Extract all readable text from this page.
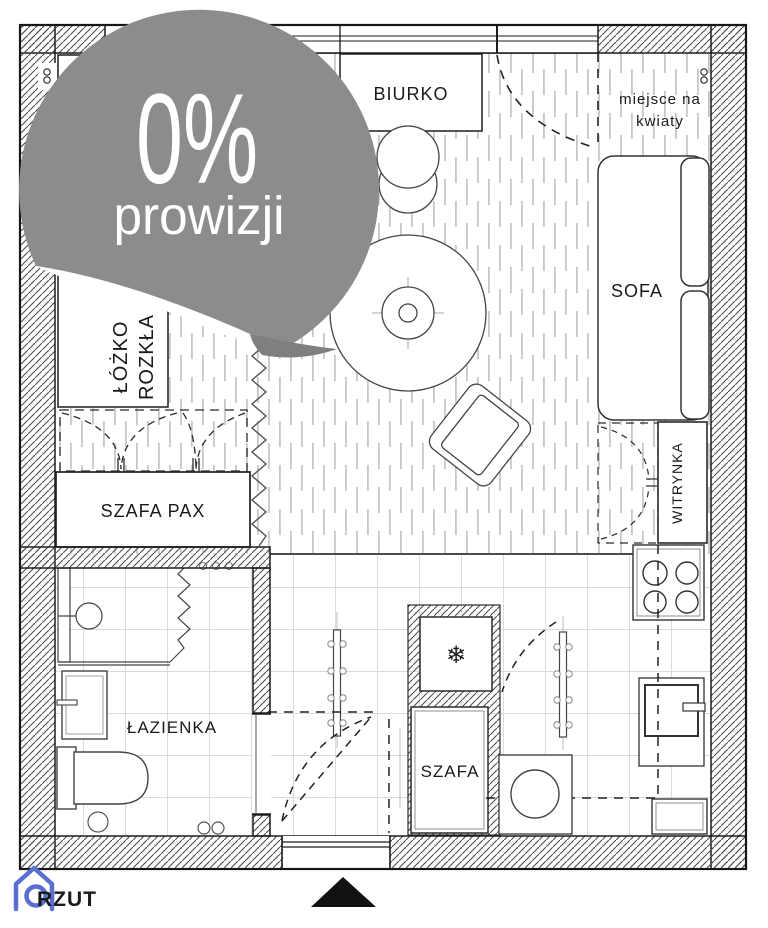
ŁÓŻKO ROZKŁA
SZAFA PAX
BIURKO
SOFA
miejsce na
kwiaty
WITRYNKA
❄
SZAFA
ŁAZIENKA
RZUT
0%
prowizji
